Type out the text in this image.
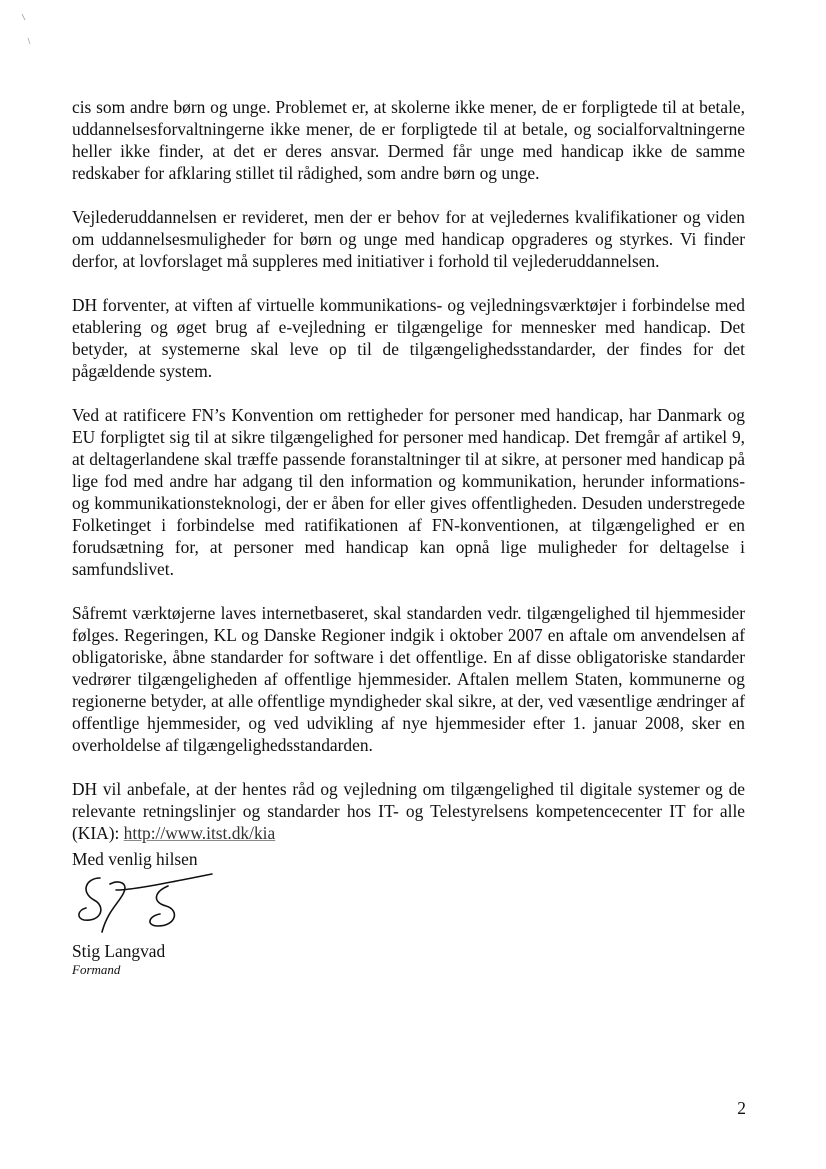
cis som andre børn og unge. Problemet er, at skolerne ikke mener, de er forpligtede til at betale, uddannelsesforvaltningerne ikke mener, de er forpligtede til at betale, og socialforvaltningerne heller ikke finder, at det er deres ansvar. Dermed får unge med handicap ikke de samme redskaber for afklaring stillet til rådighed, som andre børn og unge.

Vejlederuddannelsen er revideret, men der er behov for at vejledernes kvalifikationer og viden om uddannelsesmuligheder for børn og unge med handicap opgraderes og styrkes. Vi finder derfor, at lovforslaget må suppleres med initiativer i forhold til vejlederuddannelsen.

DH forventer, at viften af virtuelle kommunikations- og vejledningsværktøjer i forbindelse med etablering og øget brug af e-vejledning er tilgængelige for mennesker med handicap. Det betyder, at systemerne skal leve op til de tilgængelighedsstandarder, der findes for det pågældende system.

Ved at ratificere FN’s Konvention om rettigheder for personer med handicap, har Danmark og EU forpligtet sig til at sikre tilgængelighed for personer med handicap. Det fremgår af artikel 9, at deltagerlandene skal træffe passende foranstaltninger til at sikre, at personer med handicap på lige fod med andre har adgang til den information og kommunikation, herunder informations- og kommunikationsteknologi, der er åben for eller gives offentligheden. Desuden understregede Folketinget i forbindelse med ratifikationen af FN-konventionen, at tilgængelighed er en forudsætning for, at personer med handicap kan opnå lige muligheder for deltagelse i samfundslivet.

Såfremt værktøjerne laves internetbaseret, skal standarden vedr. tilgængelighed til hjemmesider følges. Regeringen, KL og Danske Regioner indgik i oktober 2007 en aftale om anvendelsen af obligatoriske, åbne standarder for software i det offentlige. En af disse obligatoriske standarder vedrører tilgængeligheden af offentlige hjemmesider. Aftalen mellem Staten, kommunerne og regionerne betyder, at alle offentlige myndigheder skal sikre, at der, ved væsentlige ændringer af offentlige hjemmesider, og ved udvikling af nye hjemmesider efter 1. januar 2008, sker en overholdelse af tilgængelighedsstandarden.

DH vil anbefale, at der hentes råd og vejledning om tilgængelighed til digitale systemer og de relevante retningslinjer og standarder hos IT- og Telestyrelsens kompetencecenter IT for alle (KIA): http://www.itst.dk/kia

Med venlig hilsen
Stig Langvad
Formand
2
